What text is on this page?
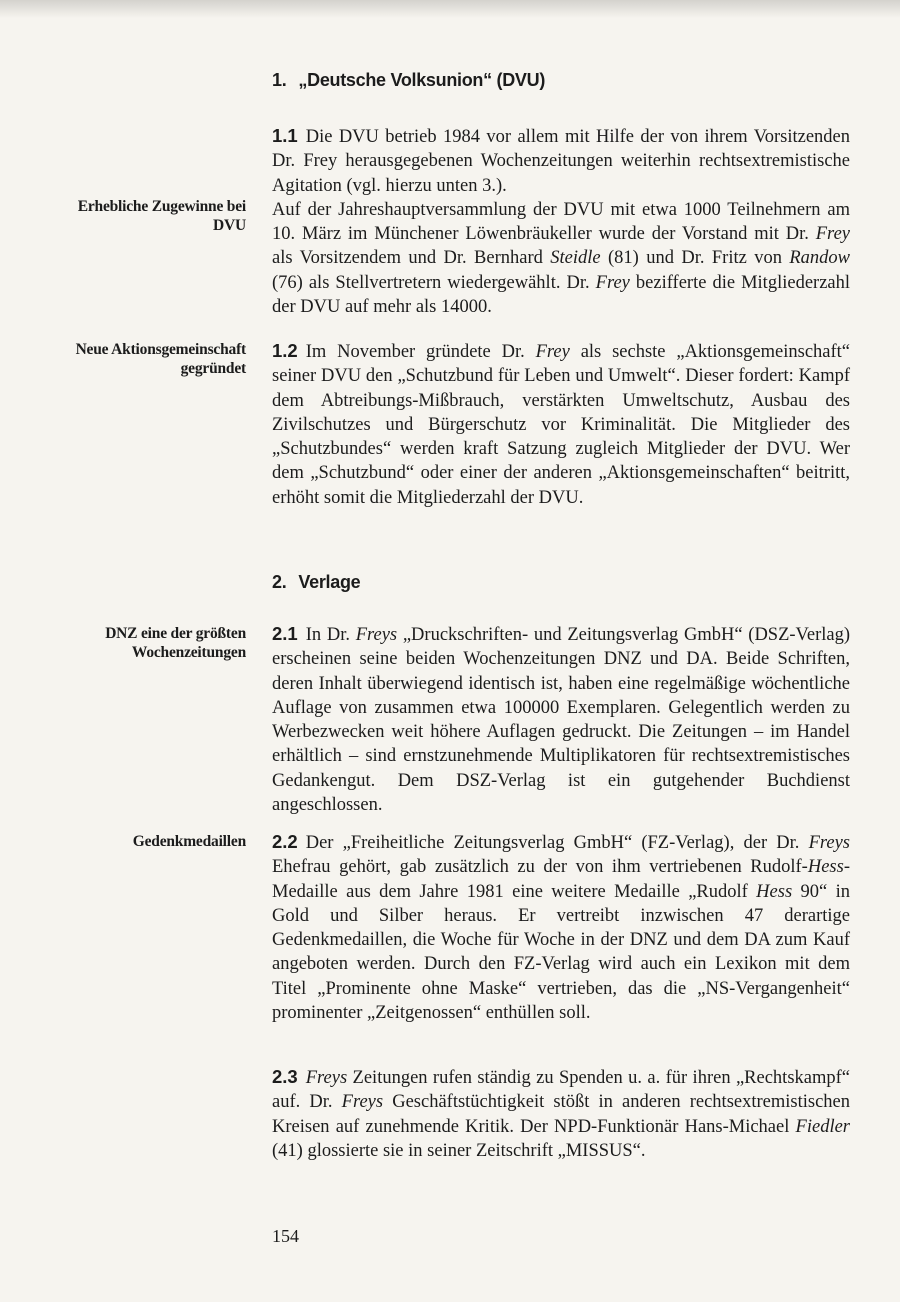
1. „Deutsche Volksunion“ (DVU)
Erhebliche Zugewinne bei DVU
Neue Aktionsgemeinschaft gegründet
DNZ eine der größten Wochenzeitungen
Gedenkmedaillen

1.1 Die DVU betrieb 1984 vor allem mit Hilfe der von ihrem Vorsitzenden Dr. Frey herausgegebenen Wochenzeitungen weiterhin rechtsextremistische Agitation (vgl. hierzu unten 3.).

Auf der Jahreshauptversammlung der DVU mit etwa 1000 Teilnehmern am 10. März im Münchener Löwenbräukeller wurde der Vorstand mit Dr. Frey als Vorsitzendem und Dr. Bernhard Steidle (81) und Dr. Fritz von Randow (76) als Stellvertretern wiedergewählt. Dr. Frey bezifferte die Mitgliederzahl der DVU auf mehr als 14000.

1.2 Im November gründete Dr. Frey als sechste „Aktionsgemeinschaft“ seiner DVU den „Schutzbund für Leben und Umwelt“. Dieser fordert: Kampf dem Abtreibungs-Mißbrauch, verstärkten Umweltschutz, Ausbau des Zivilschutzes und Bürgerschutz vor Kriminalität. Die Mitglieder des „Schutzbundes“ werden kraft Satzung zugleich Mitglieder der DVU. Wer dem „Schutzbund“ oder einer der anderen „Aktionsgemeinschaften“ beitritt, erhöht somit die Mitgliederzahl der DVU.

2. Verlage

2.1 In Dr. Freys „Druckschriften- und Zeitungsverlag GmbH“ (DSZ-Verlag) erscheinen seine beiden Wochenzeitungen DNZ und DA. Beide Schriften, deren Inhalt überwiegend identisch ist, haben eine regelmäßige wöchentliche Auflage von zusammen etwa 100000 Exemplaren. Gelegentlich werden zu Werbezwecken weit höhere Auflagen gedruckt. Die Zeitungen – im Handel erhältlich – sind ernstzunehmende Multiplikatoren für rechtsextremistisches Gedankengut. Dem DSZ-Verlag ist ein gutgehender Buchdienst angeschlossen.

2.2 Der „Freiheitliche Zeitungsverlag GmbH“ (FZ-Verlag), der Dr. Freys Ehefrau gehört, gab zusätzlich zu der von ihm vertriebenen Rudolf-Hess-Medaille aus dem Jahre 1981 eine weitere Medaille „Rudolf Hess 90“ in Gold und Silber heraus. Er vertreibt inzwischen 47 derartige Gedenkmedaillen, die Woche für Woche in der DNZ und dem DA zum Kauf angeboten werden. Durch den FZ-Verlag wird auch ein Lexikon mit dem Titel „Prominente ohne Maske“ vertrieben, das die „NS-Vergangenheit“ prominenter „Zeitgenossen“ enthüllen soll.

2.3 Freys Zeitungen rufen ständig zu Spenden u. a. für ihren „Rechtskampf“ auf. Dr. Freys Geschäftstüchtigkeit stößt in anderen rechtsextremistischen Kreisen auf zunehmende Kritik. Der NPD-Funktionär Hans-Michael Fiedler (41) glossierte sie in seiner Zeitschrift „MISSUS“.

154
